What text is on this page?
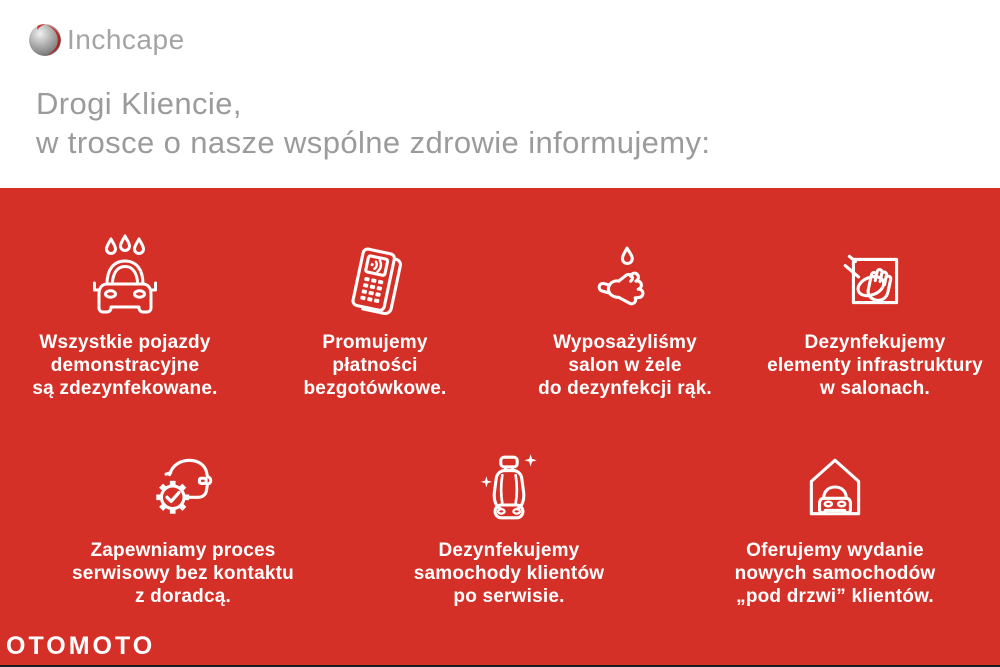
Inchcape
Drogi Kliencie,
w trosce o nasze wspólne zdrowie informujemy:

Wszystkie pojazdy
demonstracyjne
są zdezynfekowane.

Promujemy
płatności
bezgotówkowe.

Wyposażyliśmy
salon w żele
do dezynfekcji rąk.

Dezynfekujemy
elementy infrastruktury
w salonach.

Zapewniamy proces
serwisowy bez kontaktu
z doradcą.

Dezynfekujemy
samochody klientów
po serwisie.

Oferujemy wydanie
nowych samochodów
„pod drzwi” klientów.

OTOMOTO
